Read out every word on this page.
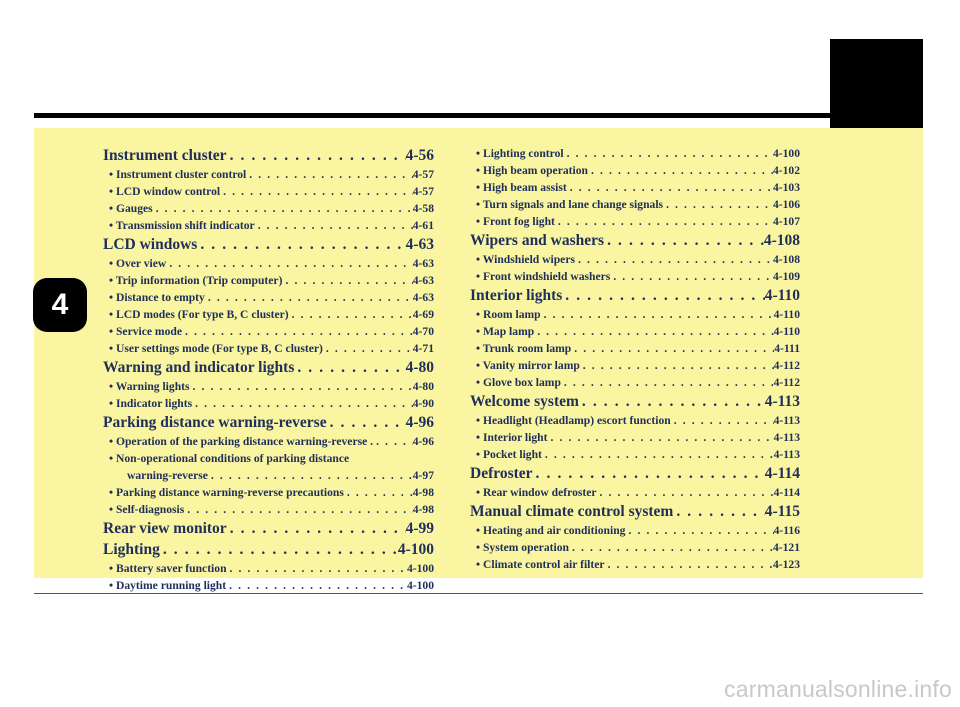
4
carmanualsonline.info
Instrument cluster . . .	4-56
• Instrument cluster control . . .	4-57
• LCD window control . . .	4-57
• Gauges . . .	4-58
• Transmission shift indicator . . .	4-61
LCD windows . . .	4-63
• Over view . . .	4-63
• Trip information (Trip computer) . . .	4-63
• Distance to empty . . .	4-63
• LCD modes (For type B, C cluster) . . .	4-69
• Service mode . . .	4-70
• User settings mode (For type B, C cluster) . . .	4-71
Warning and indicator lights . . .	4-80
• Warning lights . . .	4-80
• Indicator lights . . .	4-90
Parking distance warning-reverse . . .	4-96
• Operation of the parking distance warning-reverse . . . .	4-96
• Non-operational conditions of parking distance
warning-reverse . . .	4-97
• Parking distance warning-reverse precautions . . .	4-98
• Self-diagnosis . . .	4-98
Rear view monitor . . .	4-99
Lighting . . .	4-100
• Battery saver function . . .	4-100
• Daytime running light . . .	4-100
• Lighting control . . .	4-100
• High beam operation . . .	4-102
• High beam assist . . .	4-103
• Turn signals and lane change signals . . .	4-106
• Front fog light . . .	4-107
Wipers and washers . . .	4-108
• Windshield wipers . . .	4-108
• Front windshield washers . . .	4-109
Interior lights . . .	4-110
• Room lamp . . .	4-110
• Map lamp . . .	4-110
• Trunk room lamp . . .	4-111
• Vanity mirror lamp . . .	4-112
• Glove box lamp . . .	4-112
Welcome system . . .	4-113
• Headlight (Headlamp) escort function . . .	4-113
• Interior light . . .	4-113
• Pocket light . . .	4-113
Defroster . . .	4-114
• Rear window defroster . . .	4-114
Manual climate control system . . .	4-115
• Heating and air conditioning . . .	4-116
• System operation . . .	4-121
• Climate control air filter . . .	4-123
